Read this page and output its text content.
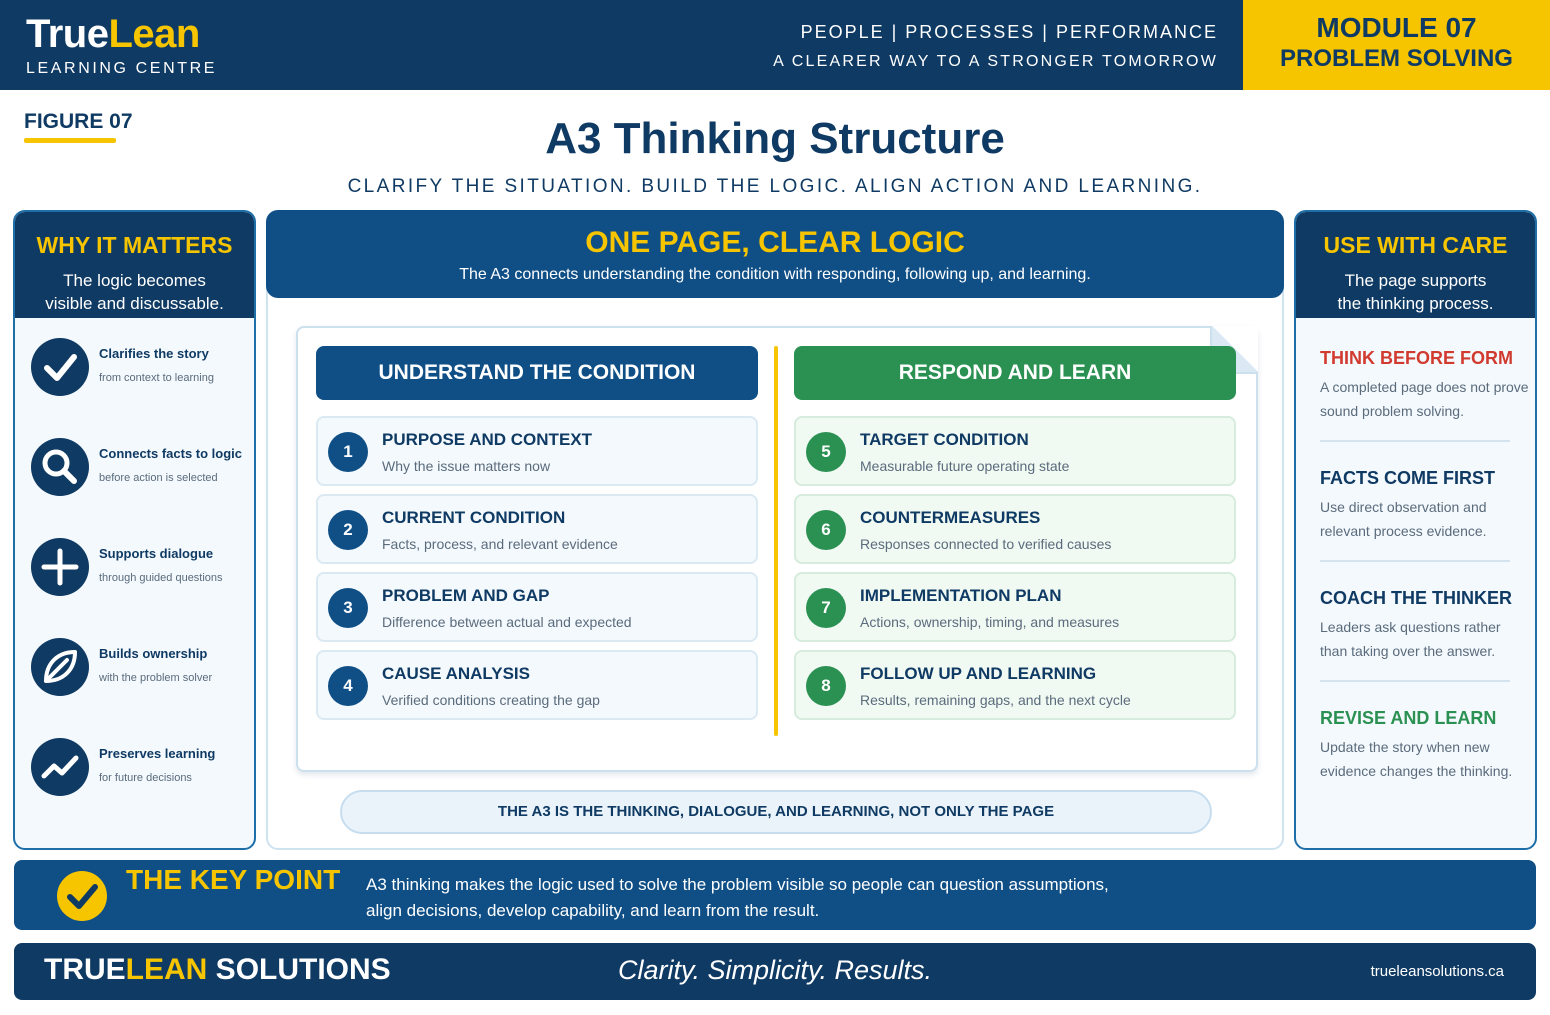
TrueLean
LEARNING CENTRE
PEOPLE | PROCESSES | PERFORMANCE
A CLEARER WAY TO A STRONGER TOMORROW
MODULE 07
PROBLEM SOLVING
FIGURE 07	A3 Thinking Structure
CLARIFY THE SITUATION. BUILD THE LOGIC. ALIGN ACTION AND LEARNING.
WHY IT MATTERS
The logic becomes
visible and discussable.
Clarifies the story
from context to learning
Connects facts to logic
before action is selected
Supports dialogue
through guided questions
Builds ownership
with the problem solver
Preserves learning
for future decisions
ONE PAGE, CLEAR LOGIC
The A3 connects understanding the condition with responding, following up, and learning.
UNDERSTAND THE CONDITION	RESPOND AND LEARN
1
PURPOSE AND CONTEXT
Why the issue matters now
2
CURRENT CONDITION
Facts, process, and relevant evidence
3
PROBLEM AND GAP
Difference between actual and expected
4
CAUSE ANALYSIS
Verified conditions creating the gap
5
TARGET CONDITION
Measurable future operating state
6
COUNTERMEASURES
Responses connected to verified causes
7
IMPLEMENTATION PLAN
Actions, ownership, timing, and measures
8
FOLLOW UP AND LEARNING
Results, remaining gaps, and the next cycle
THE A3 IS THE THINKING, DIALOGUE, AND LEARNING, NOT ONLY THE PAGE
USE WITH CARE
The page supports
the thinking process.
THINK BEFORE FORM
A completed page does not prove sound problem solving.
FACTS COME FIRST
Use direct observation and relevant process evidence.
COACH THE THINKER
Leaders ask questions rather than taking over the answer.
REVISE AND LEARN
Update the story when new evidence changes the thinking.
THE KEY POINT A3 thinking makes the logic used to solve the problem visible so people can question assumptions,
align decisions, develop capability, and learn from the result.
TRUELEAN SOLUTIONS	Clarity. Simplicity. Results.	trueleansolutions.ca
